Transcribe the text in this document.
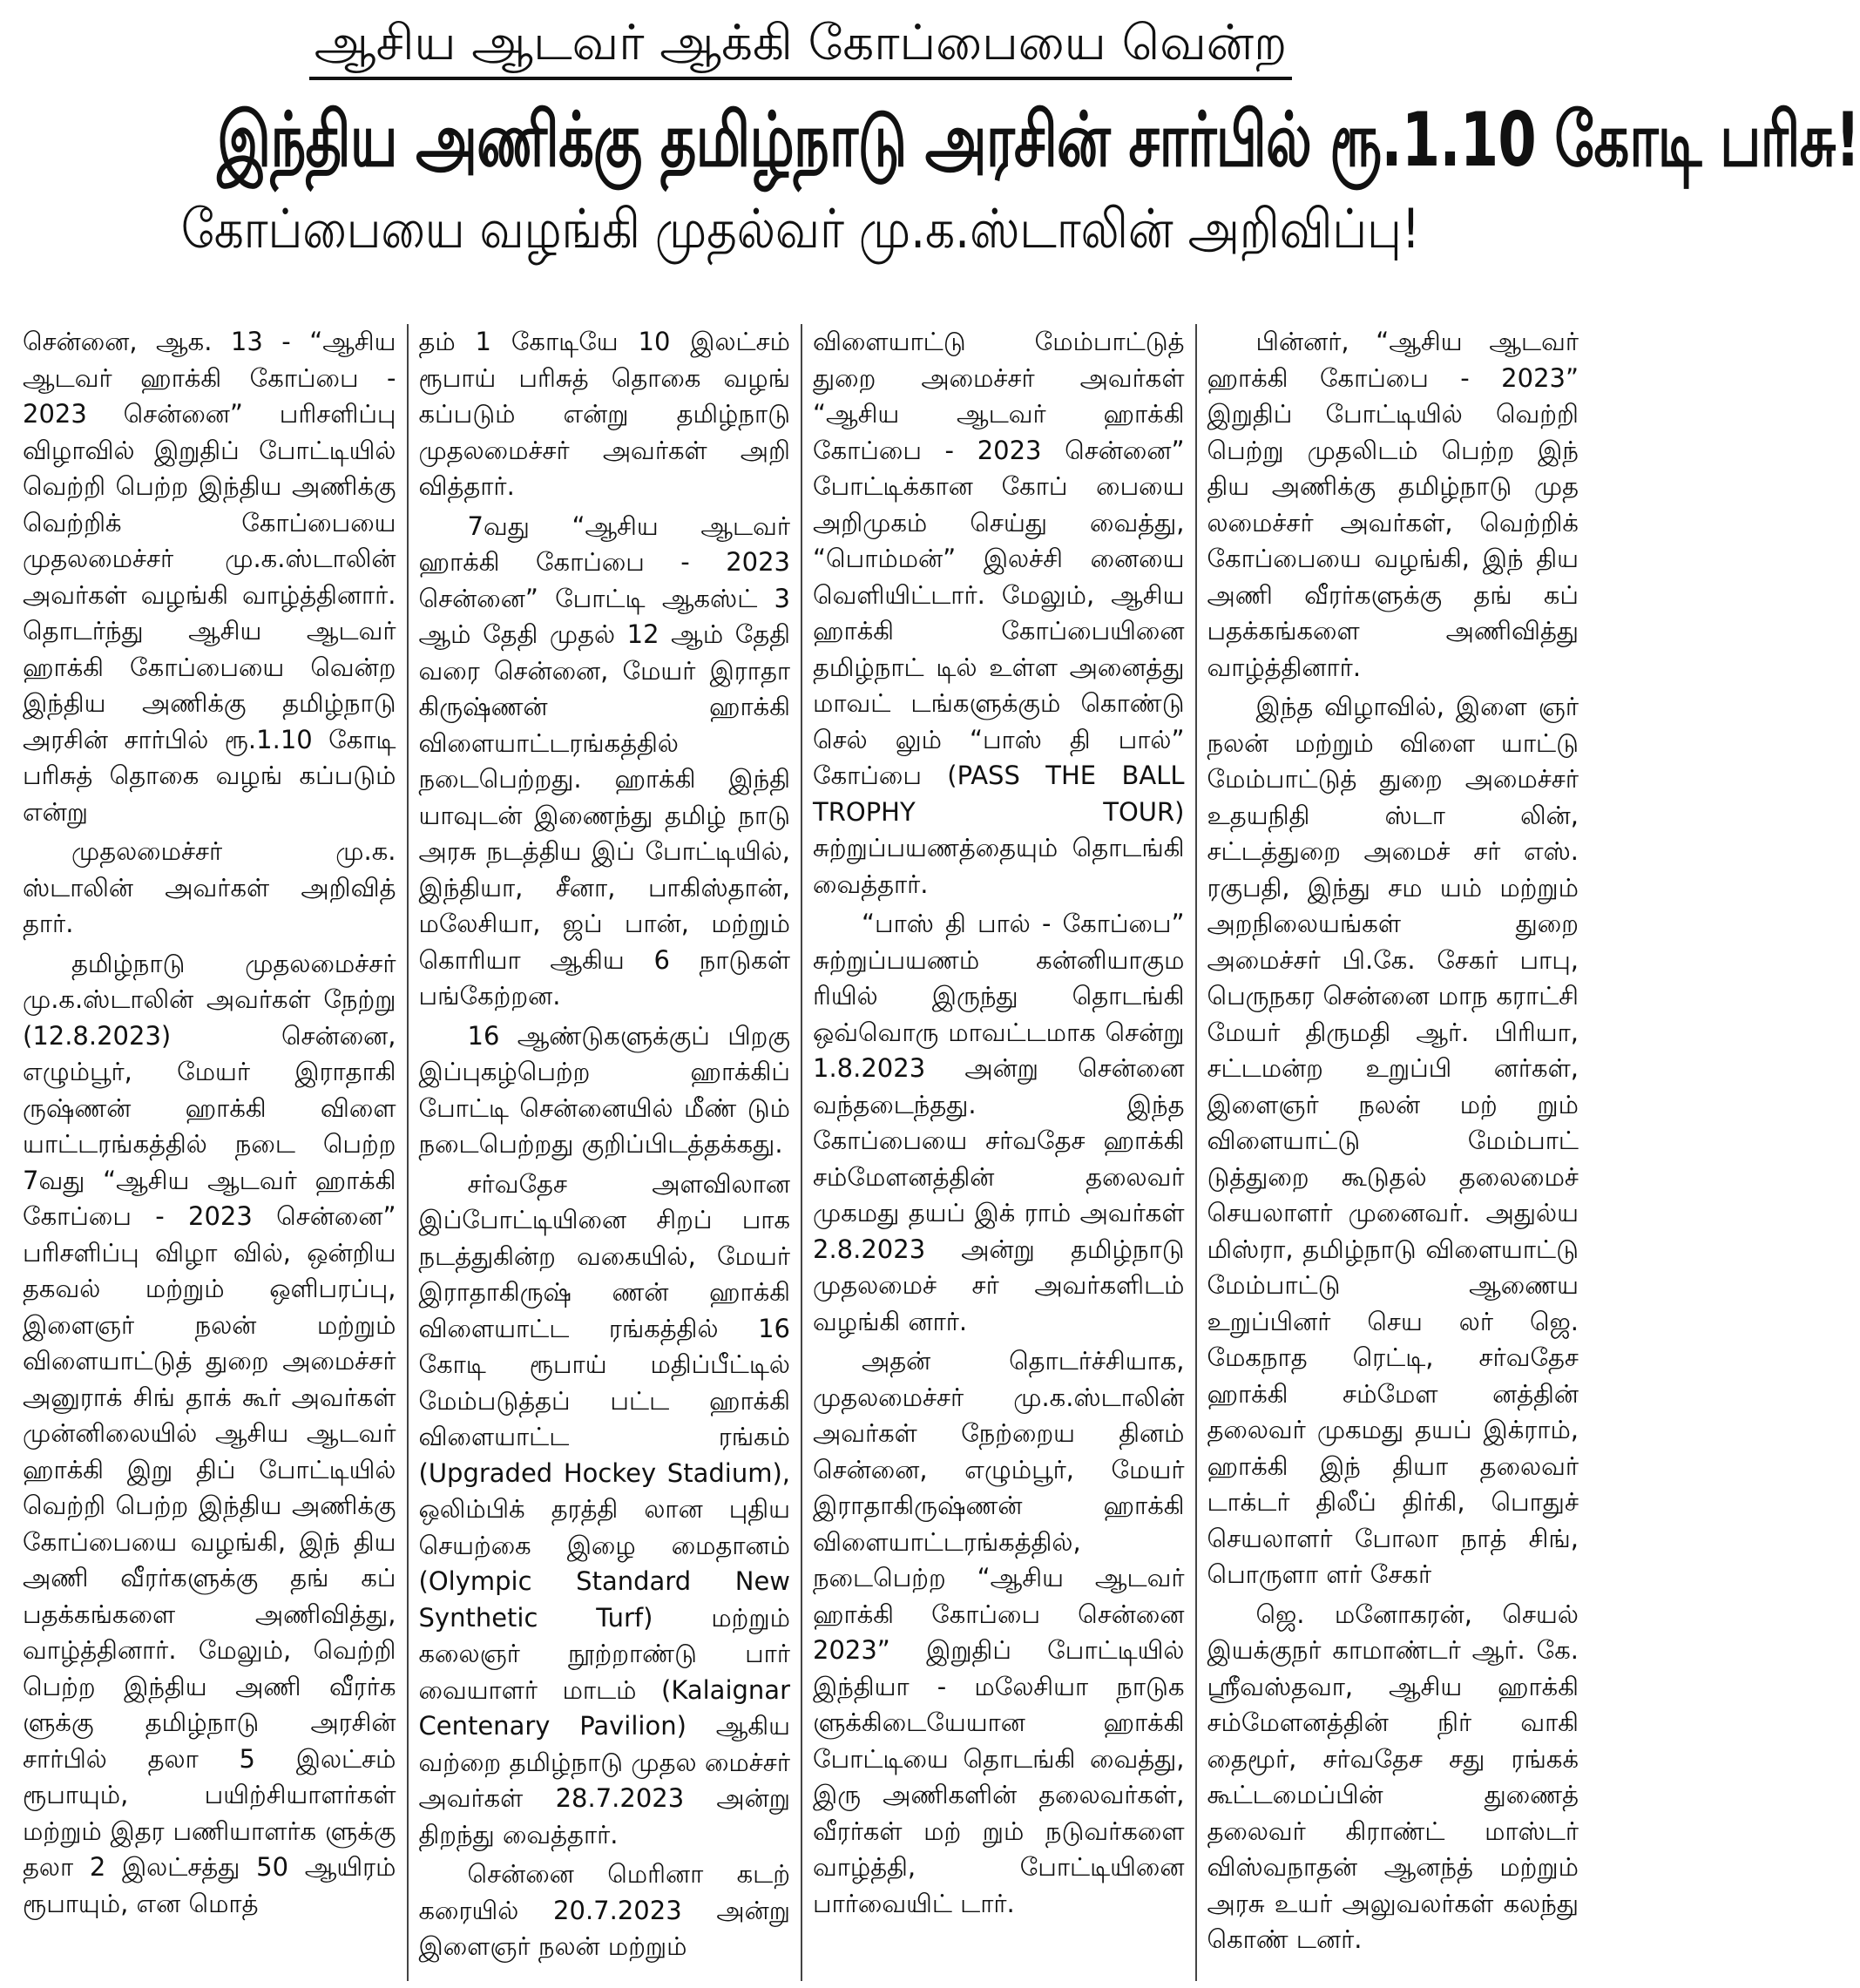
ஆசிய ஆடவர் ஆக்கி கோப்பையை வென்ற
இந்திய அணிக்கு தமிழ்நாடு அரசின் சார்பில் ரூ.1.10 கோடி பரிசு!
கோப்பையை வழங்கி முதல்வர் மு.க.ஸ்டாலின் அறிவிப்பு!

சென்னை, ஆக. 13 - “ஆசிய ஆடவர் ஹாக்கி கோப்பை - 2023 சென்னை” பரிசளிப்பு விழாவில் இறுதிப் போட்டியில் வெற்றி பெற்ற இந்திய அணிக்கு வெற்றிக் கோப்பையை முதலமைச்சர் மு.க.ஸ்டாலின் அவர்கள் வழங்கி வாழ்த்தினார். தொடர்ந்து ஆசிய ஆடவர் ஹாக்கி கோப்பையை வென்ற இந்திய அணிக்கு தமிழ்நாடு அரசின் சார்பில் ரூ.1.10 கோடி பரிசுத் தொகை வழங் கப்படும் என்று

முதலமைச்சர் மு.க. ஸ்டாலின் அவர்கள் அறிவித் தார்.

தமிழ்நாடு முதலமைச்சர் மு.க.ஸ்டாலின் அவர்கள் நேற்று (12.8.2023) சென்னை, எழும்பூர், மேயர் இராதாகி ருஷ்ணன் ஹாக்கி விளை யாட்டரங்கத்தில் நடை பெற்ற 7வது “ஆசிய ஆடவர் ஹாக்கி கோப்பை - 2023 சென்னை” பரிசளிப்பு விழா வில், ஒன்றிய தகவல் மற்றும் ஒளிபரப்பு, இளைஞர் நலன் மற்றும் விளையாட்டுத் துறை அமைச்சர் அனுராக் சிங் தாக் கூர் அவர்கள் முன்னிலையில் ஆசிய ஆடவர் ஹாக்கி இறு திப் போட்டியில் வெற்றி பெற்ற இந்திய அணிக்கு கோப்பையை வழங்கி, இந் திய அணி வீரர்களுக்கு தங் கப் பதக்கங்களை அணிவித்து, வாழ்த்தினார். மேலும், வெற்றி பெற்ற இந்திய அணி வீரர்க ளுக்கு தமிழ்நாடு அரசின் சார்பில் தலா 5 இலட்சம் ரூபாயும், பயிற்சியாளர்கள் மற்றும் இதர பணியாளர்க ளுக்கு தலா 2 இலட்சத்து 50 ஆயிரம் ரூபாயும், என மொத்

தம் 1 கோடியே 10 இலட்சம் ரூபாய் பரிசுத் தொகை வழங் கப்படும் என்று தமிழ்நாடு முதலமைச்சர் அவர்கள் அறி வித்தார்.

7வது “ஆசிய ஆடவர் ஹாக்கி கோப்பை - 2023 சென்னை” போட்டி ஆகஸ்ட் 3 ஆம் தேதி முதல் 12 ஆம் தேதி வரை சென்னை, மேயர் இராதா கிருஷ்ணன் ஹாக்கி விளையாட்டரங்கத்தில் நடைபெற்றது. ஹாக்கி இந்தி யாவுடன் இணைந்து தமிழ் நாடு அரசு நடத்திய இப் போட்டியில், இந்தியா, சீனா, பாகிஸ்தான், மலேசியா, ஜப் பான், மற்றும் கொரியா ஆகிய 6 நாடுகள் பங்கேற்றன.

16 ஆண்டுகளுக்குப் பிறகு இப்புகழ்பெற்ற ஹாக்கிப் போட்டி சென்னையில் மீண் டும் நடைபெற்றது குறிப்பிடத்தக்கது.

சர்வதேச அளவிலான இப்போட்டியினை சிறப் பாக நடத்துகின்ற வகையில், மேயர் இராதாகிருஷ் ணன் ஹாக்கி விளையாட்ட ரங்கத்தில் 16 கோடி ரூபாய் மதிப்பீட்டில் மேம்படுத்தப் பட்ட ஹாக்கி விளையாட்ட ரங்கம் (Upgraded Hockey Stadium), ஒலிம்பிக் தரத்தி லான புதிய செயற்கை இழை மைதானம் (Olympic Standard New Synthetic Turf) மற்றும் கலைஞர் நூற்றாண்டு பார் வையாளர் மாடம் (Kalaignar Centenary Pavilion) ஆகிய வற்றை தமிழ்நாடு முதல மைச்சர் அவர்கள் 28.7.2023 அன்று திறந்து வைத்தார்.

சென்னை மெரினா கடற் கரையில் 20.7.2023 அன்று இளைஞர் நலன் மற்றும்

விளையாட்டு மேம்பாட்டுத் துறை அமைச்சர் அவர்கள் “ஆசிய ஆடவர் ஹாக்கி கோப்பை - 2023 சென்னை” போட்டிக்கான கோப் பையை அறிமுகம் செய்து வைத்து, “பொம்மன்” இலச்சி னையை வெளியிட்டார். மேலும், ஆசிய ஹாக்கி கோப்பையினை தமிழ்நாட் டில் உள்ள அனைத்து மாவட் டங்களுக்கும் கொண்டு செல் லும் “பாஸ் தி பால்” கோப்பை (PASS THE BALL TROPHY TOUR) சுற்றுப்பயணத்தையும் தொடங்கி வைத்தார்.

“பாஸ் தி பால் - கோப்பை” சுற்றுப்பயணம் கன்னியாகும ரியில் இருந்து தொடங்கி ஒவ்வொரு மாவட்டமாக சென்று 1.8.2023 அன்று சென்னை வந்தடைந்தது. இந்த கோப்பையை சர்வதேச ஹாக்கி சம்மேளனத்தின் தலைவர் முகமது தயப் இக் ராம் அவர்கள் 2.8.2023 அன்று தமிழ்நாடு முதலமைச் சர் அவர்களிடம் வழங்கி னார்.

அதன் தொடர்ச்சியாக, முதலமைச்சர் மு.க.ஸ்டாலின் அவர்கள் நேற்றைய தினம் சென்னை, எழும்பூர், மேயர் இராதாகிருஷ்ணன் ஹாக்கி விளையாட்டரங்கத்தில், நடைபெற்ற “ஆசிய ஆடவர் ஹாக்கி கோப்பை சென்னை 2023” இறுதிப் போட்டியில் இந்தியா - மலேசியா நாடுக ளுக்கிடையேயான ஹாக்கி போட்டியை தொடங்கி வைத்து, இரு அணிகளின் தலைவர்கள், வீரர்கள் மற் றும் நடுவர்களை வாழ்த்தி, போட்டியினை பார்வையிட் டார்.

பின்னர், “ஆசிய ஆடவர் ஹாக்கி கோப்பை - 2023” இறுதிப் போட்டியில் வெற்றி பெற்று முதலிடம் பெற்ற இந் திய அணிக்கு தமிழ்நாடு முத லமைச்சர் அவர்கள், வெற்றிக் கோப்பையை வழங்கி, இந் திய அணி வீரர்களுக்கு தங் கப் பதக்கங்களை அணிவித்து வாழ்த்தினார்.

இந்த விழாவில், இளை ஞர் நலன் மற்றும் விளை யாட்டு மேம்பாட்டுத் துறை அமைச்சர் உதயநிதி ஸ்டா லின், சட்டத்துறை அமைச் சர் எஸ். ரகுபதி, இந்து சம யம் மற்றும் அறநிலையங்கள் துறை அமைச்சர் பி.கே. சேகர் பாபு, பெருநகர சென்னை மாந கராட்சி மேயர் திருமதி ஆர். பிரியா, சட்டமன்ற உறுப்பி னர்கள், இளைஞர் நலன் மற் றும் விளையாட்டு மேம்பாட் டுத்துறை கூடுதல் தலைமைச் செயலாளர் முனைவர். அதுல்ய மிஸ்ரா, தமிழ்நாடு விளையாட்டு மேம்பாட்டு ஆணைய உறுப்பினர் செய லர் ஜெ. மேகநாத ரெட்டி, சர்வதேச ஹாக்கி சம்மேள னத்தின் தலைவர் முகமது தயப் இக்ராம், ஹாக்கி இந் தியா தலைவர் டாக்டர் திலீப் திர்கி, பொதுச் செயலாளர் போலா நாத் சிங், பொருளா ளர் சேகர்

ஜெ. மனோகரன், செயல் இயக்குநர் காமாண்டர் ஆர். கே. ஸ்ரீவஸ்தவா, ஆசிய ஹாக்கி சம்மேளனத்தின் நிர் வாகி தைமூர், சர்வதேச சது ரங்கக் கூட்டமைப்பின் துணைத் தலைவர் கிராண்ட் மாஸ்டர் விஸ்வநாதன் ஆனந்த் மற்றும் அரசு உயர் அலுவலர்கள் கலந்து கொண் டனர்.
